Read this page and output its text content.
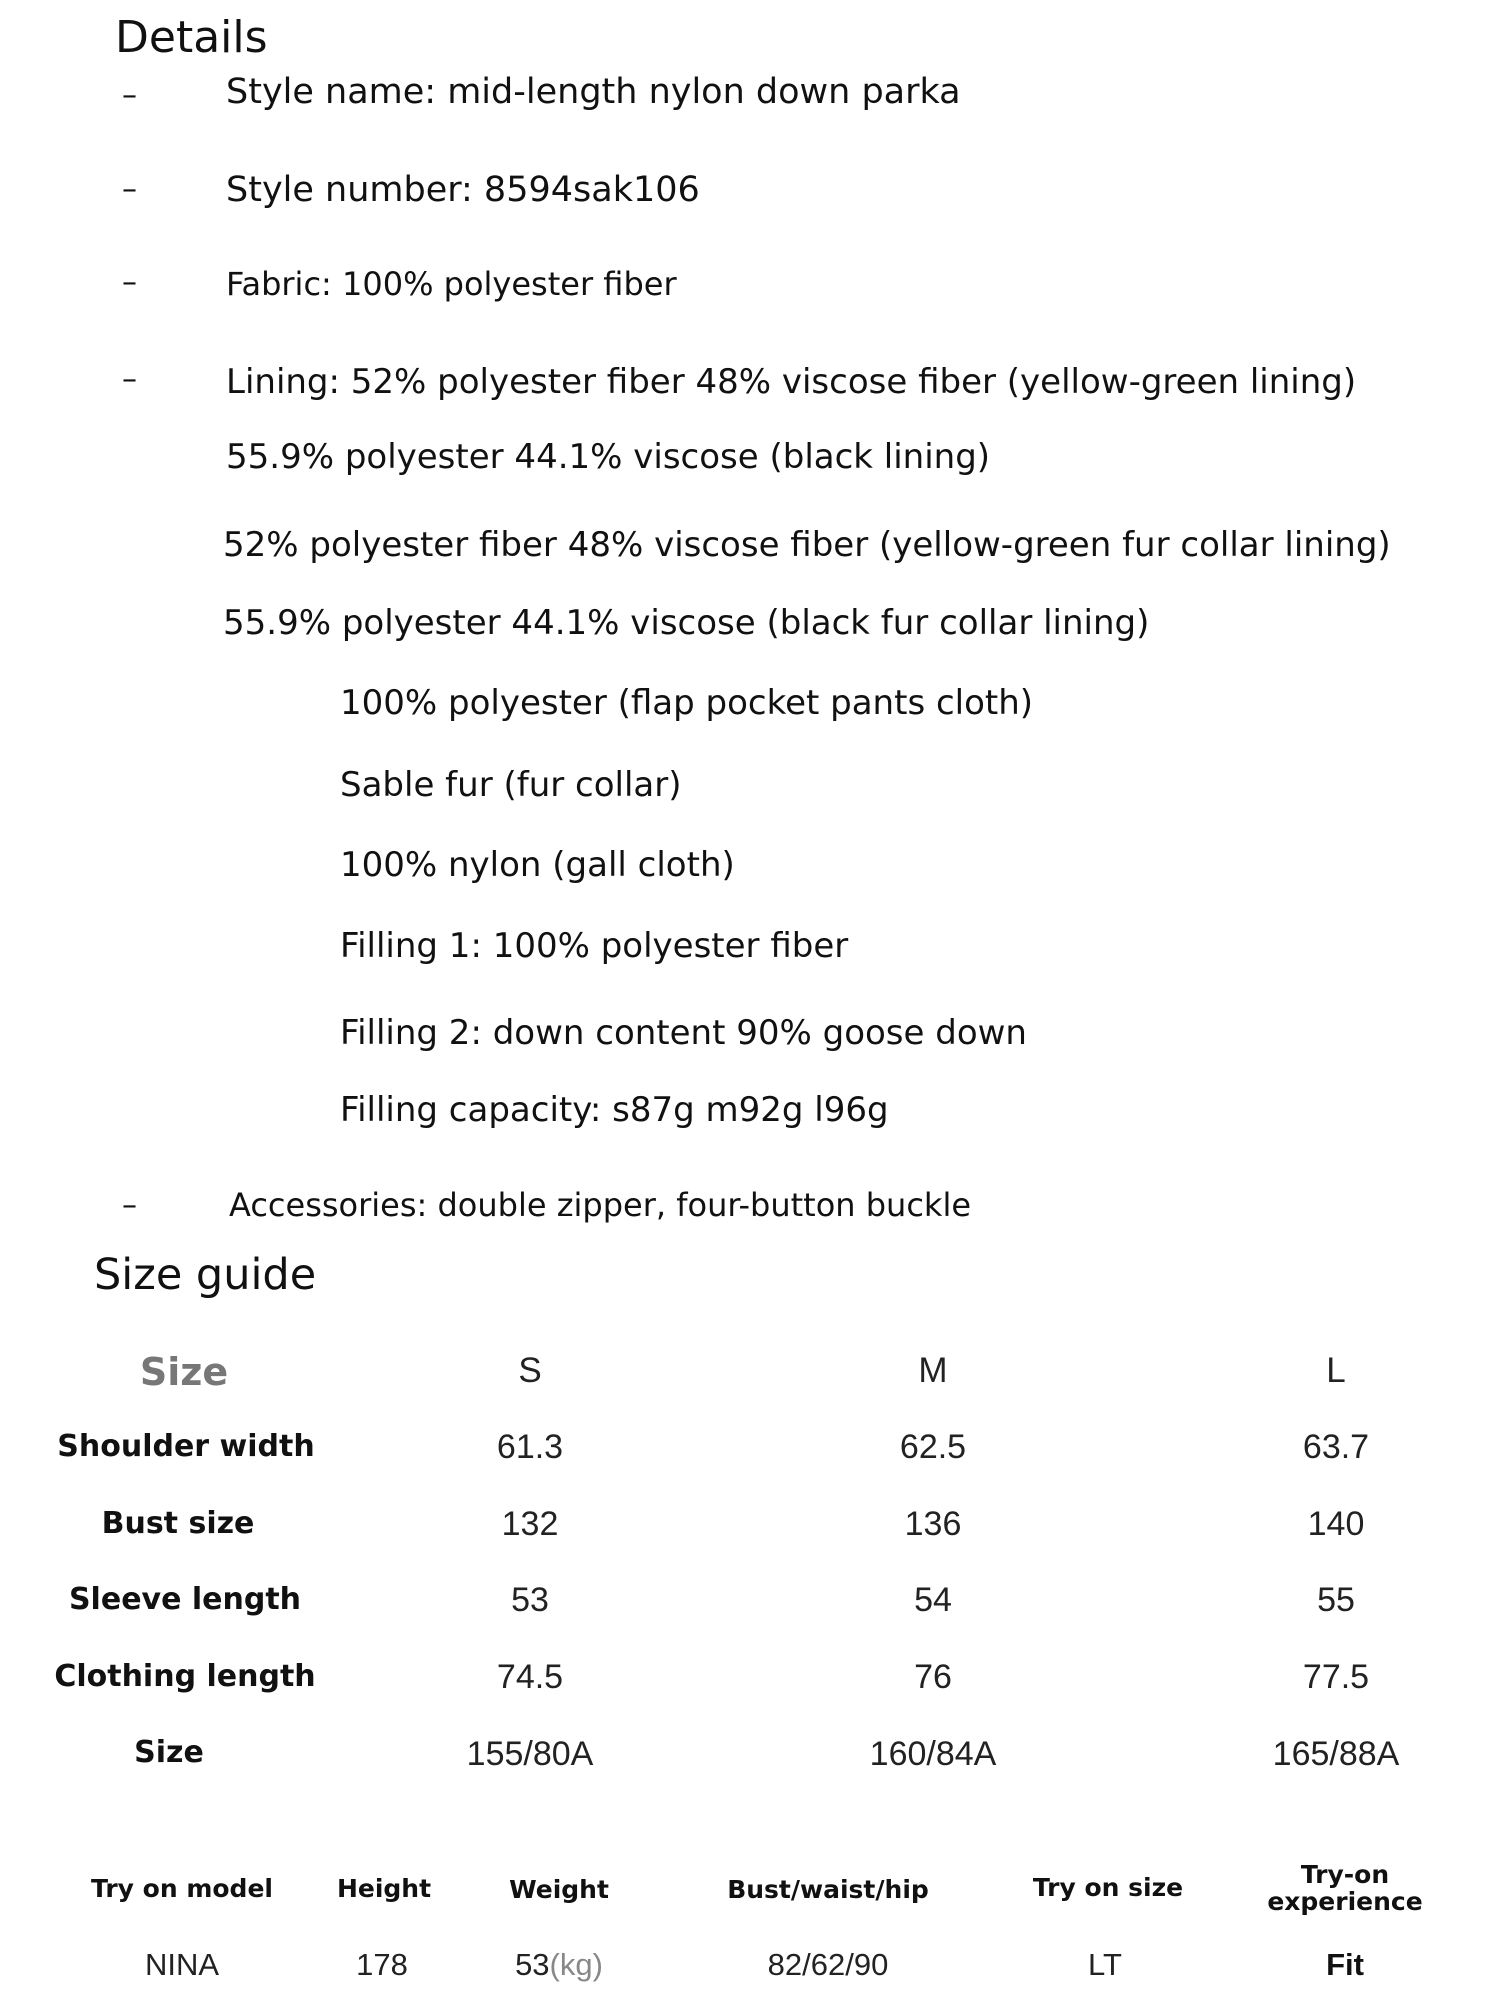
Details
–	Style name: mid-length nylon down parka
–	Style number: 8594sak106
–	Fabric: 100% polyester fiber
–	Lining: 52% polyester fiber 48% viscose fiber (yellow-green lining)
55.9% polyester 44.1% viscose (black lining)
52% polyester fiber 48% viscose fiber (yellow-green fur collar lining)
55.9% polyester 44.1% viscose (black fur collar lining)
100% polyester (flap pocket pants cloth)
Sable fur (fur collar)
100% nylon (gall cloth)
Filling 1: 100% polyester fiber
Filling 2: down content 90% goose down
Filling capacity: s87g m92g l96g
–	Accessories: double zipper, four-button buckle
Size guide
Size	S	M	L
Shoulder width	61.3	62.5	63.7
Bust size	132	136	140
Sleeve length	53	54	55
Clothing length	74.5	76	77.5
Size	155/80A	160/84A	165/88A
Try on model	Height	Weight	Bust/waist/hip	Try on size	Try-on experience
NINA	178	53(kg)	82/62/90	LT	Fit
